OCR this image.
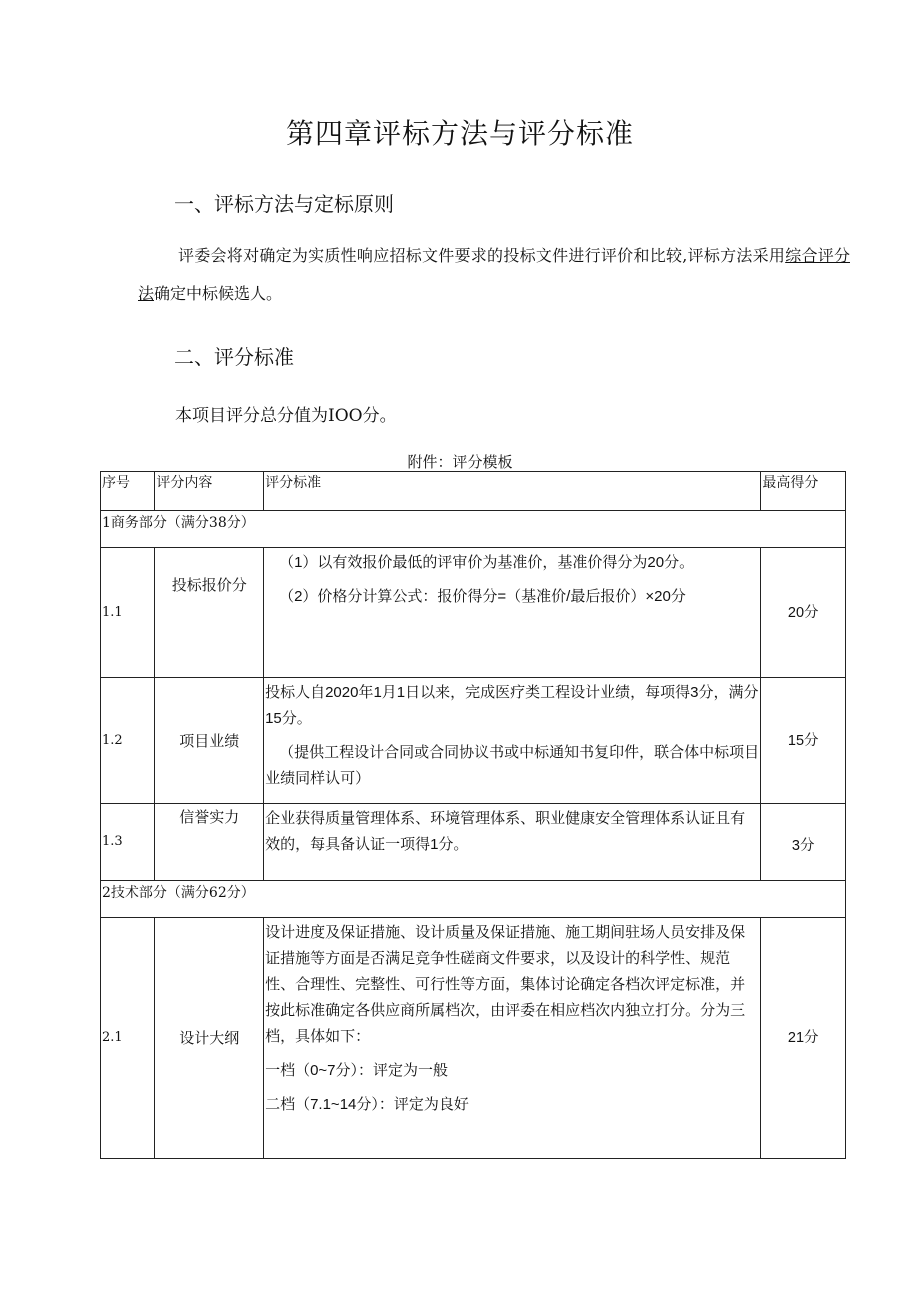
第四章评标方法与评分标准
一、评标方法与定标原则
评委会将对确定为实质性响应招标文件要求的投标文件进行评价和比较,评标方法采用综合评分法确定中标候选人。
二、评分标准
本项目评分总分值为IOO分。
附件：评分模板
序号	评分内容	评分标准	最高得分
1商务部分（满分38分）			
1.1	投标报价分	（1）以有效报价最低的评审价为基准价，基准价得分为20分。

（2）价格分计算公式：报价得分=（基准价/最后报价）×20分	20分
1.2	项目业绩	投标人自2020年1月1日以来，完成医疗类工程设计业绩，每项得3分，满分15分。

（提供工程设计合同或合同协议书或中标通知书复印件，联合体中标项目业绩同样认可）	15分
1.3	信誉实力	企业获得质量管理体系、环境管理体系、职业健康安全管理体系认证且有效的，每具备认证一项得1分。	3分
2技术部分（满分62分）			
2.1	设计大纲	设计进度及保证措施、设计质量及保证措施、施工期间驻场人员安排及保证措施等方面是否满足竞争性磋商文件要求，以及设计的科学性、规范性、合理性、完整性、可行性等方面，集体讨论确定各档次评定标准，并按此标准确定各供应商所属档次，由评委在相应档次内独立打分。分为三档，具体如下：

一档（0~7分）：评定为一般

二档（7.1~14分）：评定为良好	21分
